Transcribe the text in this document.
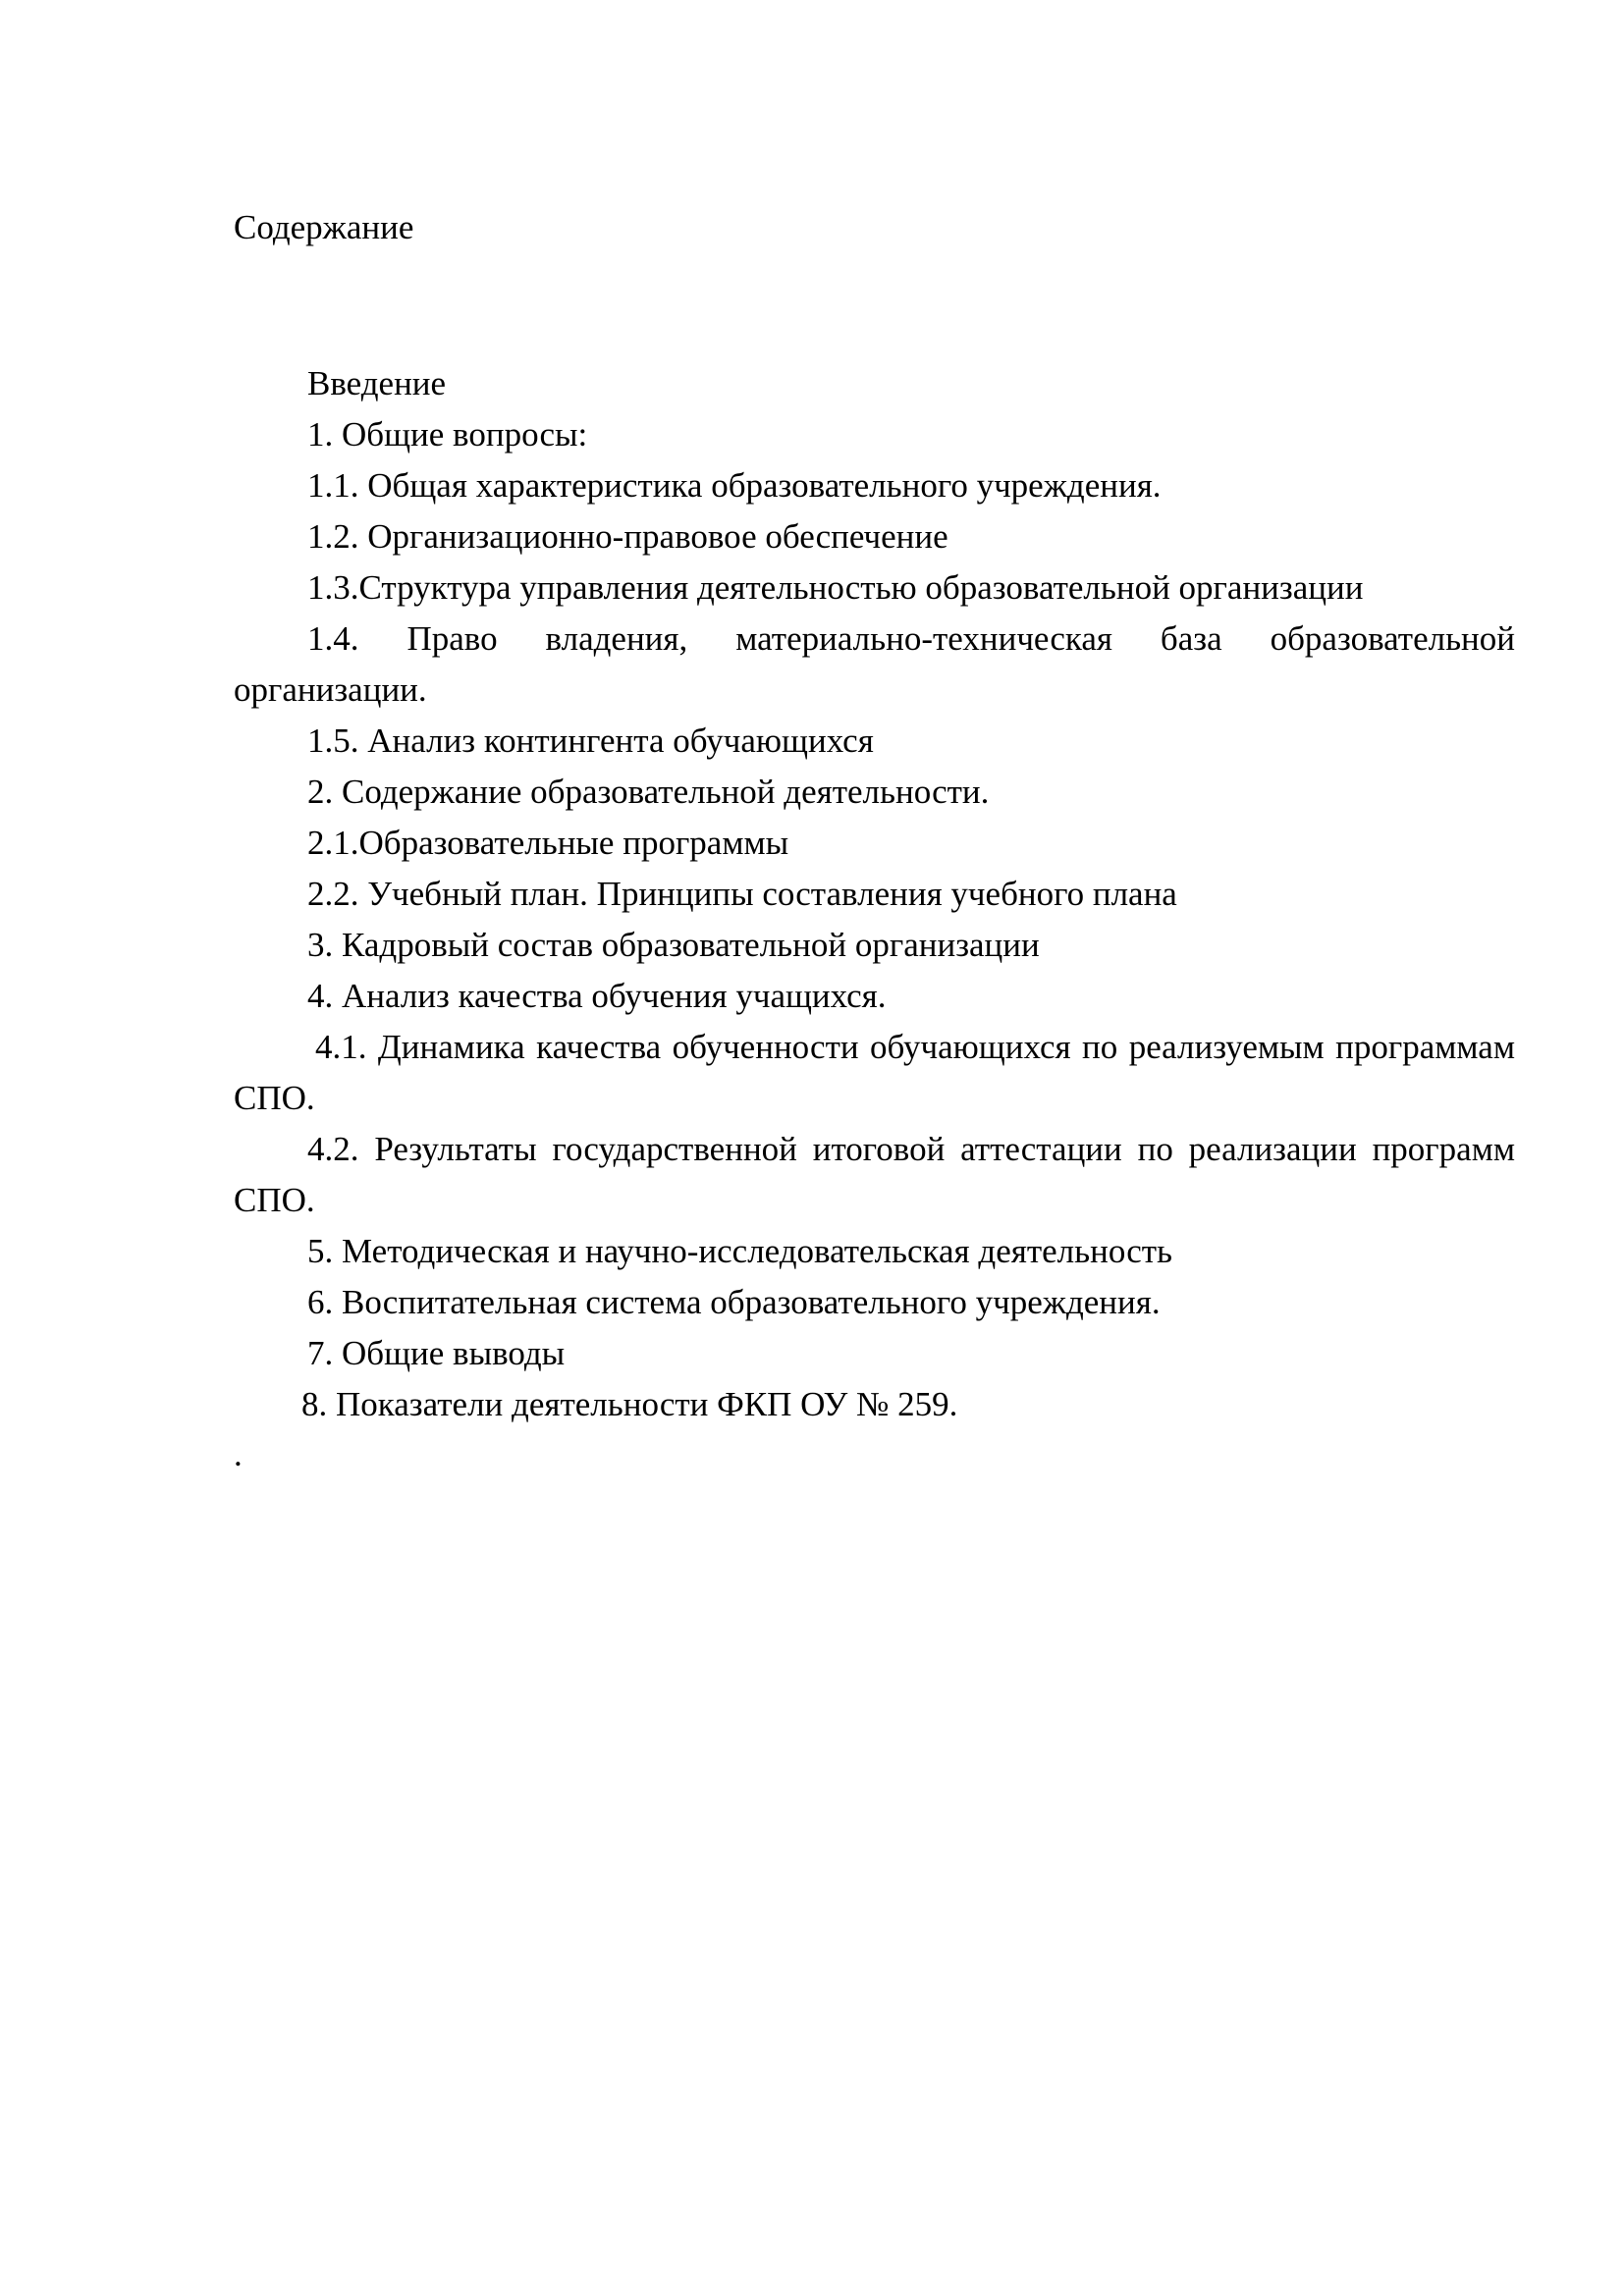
Содержание
Введение
1. Общие вопросы:
1.1. Общая характеристика образовательного учреждения.
1.2. Организационно-правовое обеспечение
1.3.Структура управления деятельностью образовательной организации
1.4. Право владения, материально-техническая база образовательной организации.
1.5. Анализ контингента обучающихся
2. Содержание образовательной деятельности.
2.1.Образовательные программы
2.2. Учебный план. Принципы составления учебного плана
3. Кадровый состав образовательной организации
4. Анализ качества обучения учащихся.
4.1. Динамика качества обученности обучающихся по реализуемым программам СПО.
4.2. Результаты государственной итоговой аттестации по реализации программ СПО.
5. Методическая и научно-исследовательская деятельность
6. Воспитательная система образовательного учреждения.
7. Общие выводы
8. Показатели деятельности ФКП ОУ № 259.
.
